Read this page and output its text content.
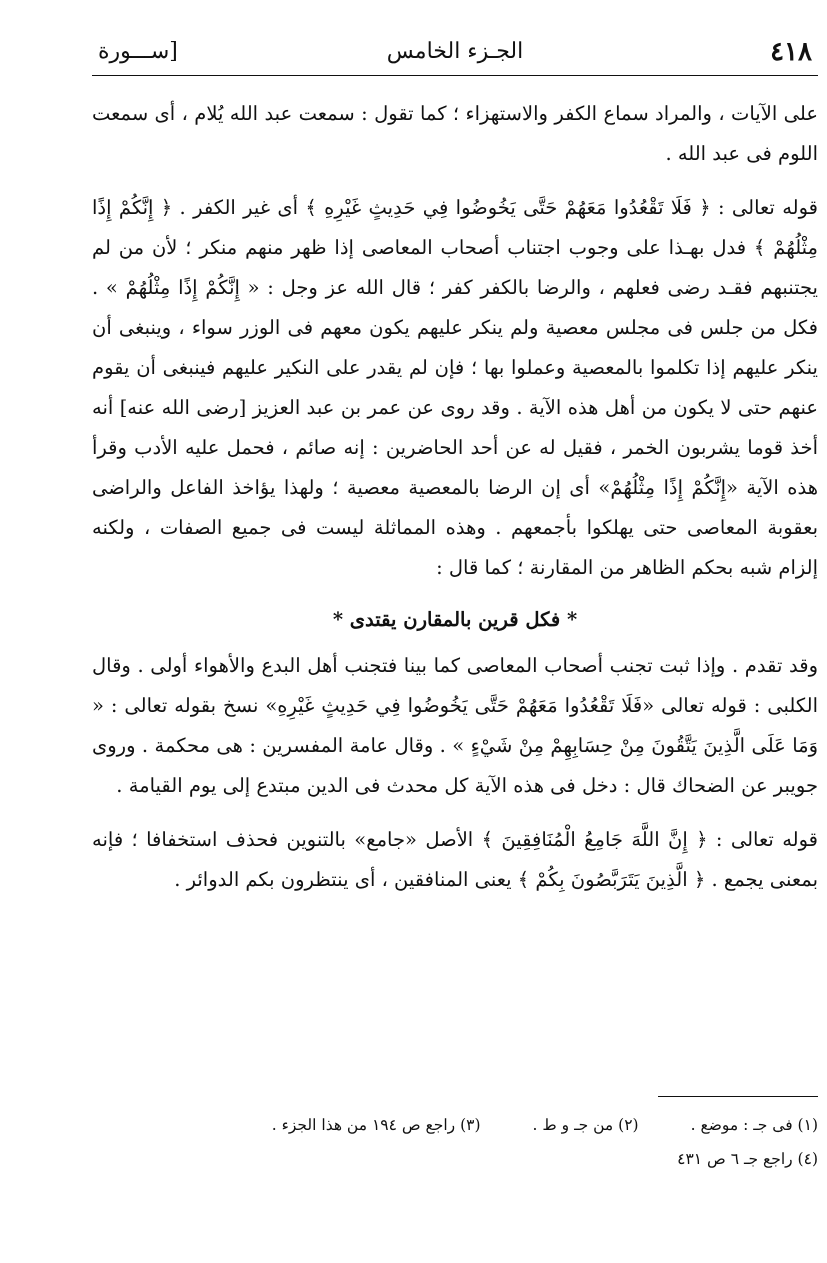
٤١٨
الجـزء الخامس
[ســـورة

على الآيات ، والمراد سماع الكفر والاستهزاء ؛ كما تقول : سمعت عبد الله يُلام ، أى سمعت اللوم فى عبد الله .

قوله تعالى : ﴿ فَلَا تَقْعُدُوا مَعَهُمْ حَتَّى يَخُوضُوا فِي حَدِيثٍ غَيْرِهِ ﴾ أى غير الكفر . ﴿ إِنَّكُمْ إِذًا مِثْلُهُمْ ﴾ فدل بهـذا على وجوب اجتناب أصحاب المعاصى إذا ظهر منهم منكر ؛ لأن من لم يجتنبهم فقـد رضى فعلهم ، والرضا بالكفر كفر ؛ قال الله عز وجل : « إِنَّكُمْ إِذًا مِثْلُهُمْ » . فكل من جلس فى مجلس معصية ولم ينكر عليهم يكون معهم فى الوزر سواء ، وينبغى أن ينكر عليهم إذا تكلموا بالمعصية وعملوا بها ؛ فإن لم يقدر على النكير عليهم فينبغى أن يقوم عنهم حتى لا يكون من أهل هذه الآية . وقد روى عن عمر بن عبد العزيز [رضى الله عنه] أنه أخذ قوما يشربون الخمر ، فقيل له عن أحد الحاضرين : إنه صائم ، فحمل عليه الأدب وقرأ هذه الآية «إِنَّكُمْ إِذًا مِثْلُهُمْ» أى إن الرضا بالمعصية معصية ؛ ولهذا يؤاخذ الفاعل والراضى بعقوبة المعاصى حتى يهلكوا بأجمعهم . وهذه المماثلة ليست فى جميع الصفات ، ولكنه إلزام شبه بحكم الظاهر من المقارنة ؛ كما قال :

* فكل قرين بالمقارن يقتدى *

وقد تقدم . وإذا ثبت تجنب أصحاب المعاصى كما بينا فتجنب أهل البدع والأهواء أولى . وقال الكلبى : قوله تعالى «فَلَا تَقْعُدُوا مَعَهُمْ حَتَّى يَخُوضُوا فِي حَدِيثٍ غَيْرِهِ» نسخ بقوله تعالى : « وَمَا عَلَى الَّذِينَ يَتَّقُونَ مِنْ حِسَابِهِمْ مِنْ شَيْءٍ » . وقال عامة المفسرين : هى محكمة . وروى جويبر عن الضحاك قال : دخل فى هذه الآية كل محدث فى الدين مبتدع إلى يوم القيامة .

قوله تعالى : ﴿ إِنَّ اللَّهَ جَامِعُ الْمُنَافِقِينَ ﴾ الأصل «جامع» بالتنوين فحذف استخفافا ؛ فإنه بمعنى يجمع . ﴿ الَّذِينَ يَتَرَبَّصُونَ بِكُمْ ﴾ يعنى المنافقين ، أى ينتظرون بكم الدوائر .

(١) فى جـ : موضع .
(٢) من جـ و ط .
(٣) راجع ص ١٩٤ من هذا الجزء .
(٤) راجع جـ ٦ ص ٤٣١
